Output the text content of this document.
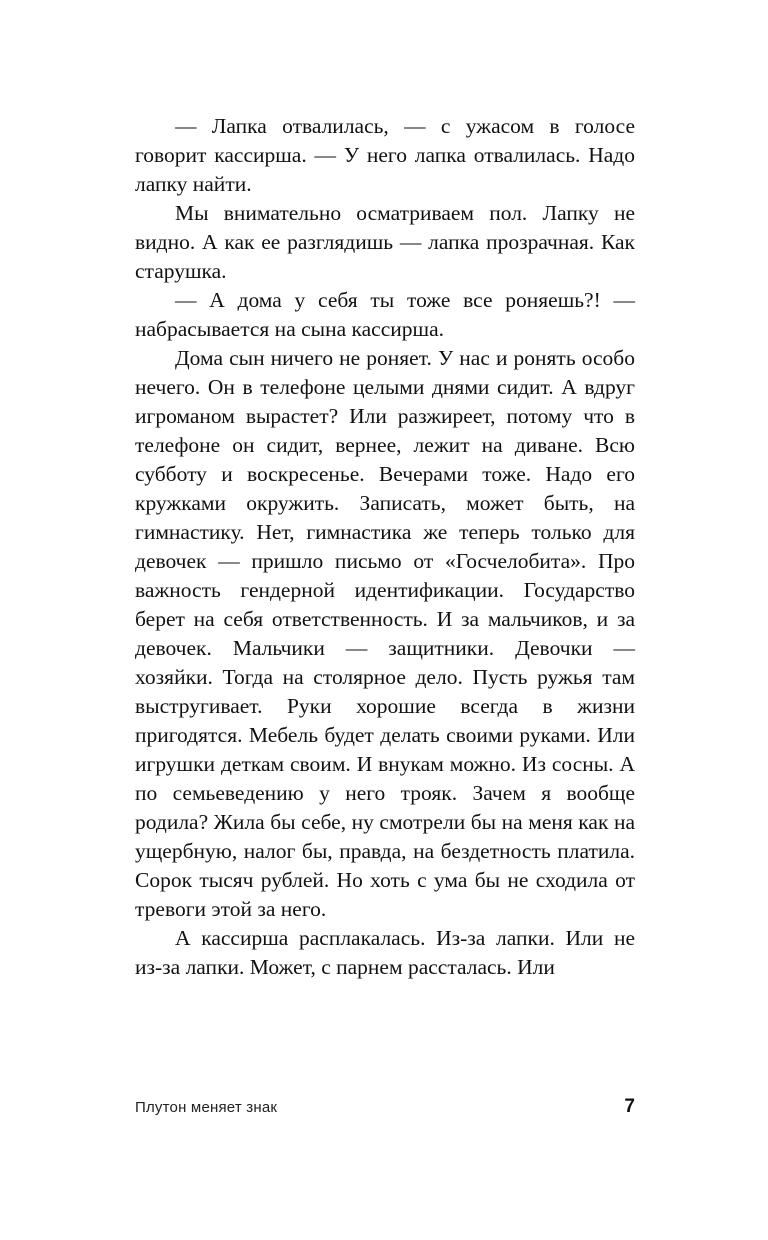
— Лапка отвалилась, — с ужасом в голосе говорит кассирша. — У него лапка отвалилась. Надо лапку найти.

Мы внимательно осматриваем пол. Лапку не видно. А как ее разглядишь — лапка прозрачная. Как старушка.

— А дома у себя ты тоже все роняешь?! — набрасывается на сына кассирша.

Дома сын ничего не роняет. У нас и ронять особо нечего. Он в телефоне целыми днями сидит. А вдруг игроманом вырастет? Или разжиреет, потому что в телефоне он сидит, вернее, лежит на диване. Всю субботу и воскресенье. Вечерами тоже. Надо его кружками окружить. Записать, может быть, на гимнастику. Нет, гимнастика же теперь только для девочек — пришло письмо от «Госчелобита». Про важность гендерной идентификации. Государство берет на себя ответственность. И за мальчиков, и за девочек. Мальчики — защитники. Девочки — хозяйки. Тогда на столярное дело. Пусть ружья там выстругивает. Руки хорошие всегда в жизни пригодятся. Мебель будет делать своими руками. Или игрушки деткам своим. И внукам можно. Из сосны. А по семьеведению у него трояк. Зачем я вообще родила? Жила бы себе, ну смотрели бы на меня как на ущербную, налог бы, правда, на бездетность платила. Сорок тысяч рублей. Но хоть с ума бы не сходила от тревоги этой за него.

А кассирша расплакалась. Из-за лапки. Или не из-за лапки. Может, с парнем рассталась. Или

Плутон меняет знак	7
